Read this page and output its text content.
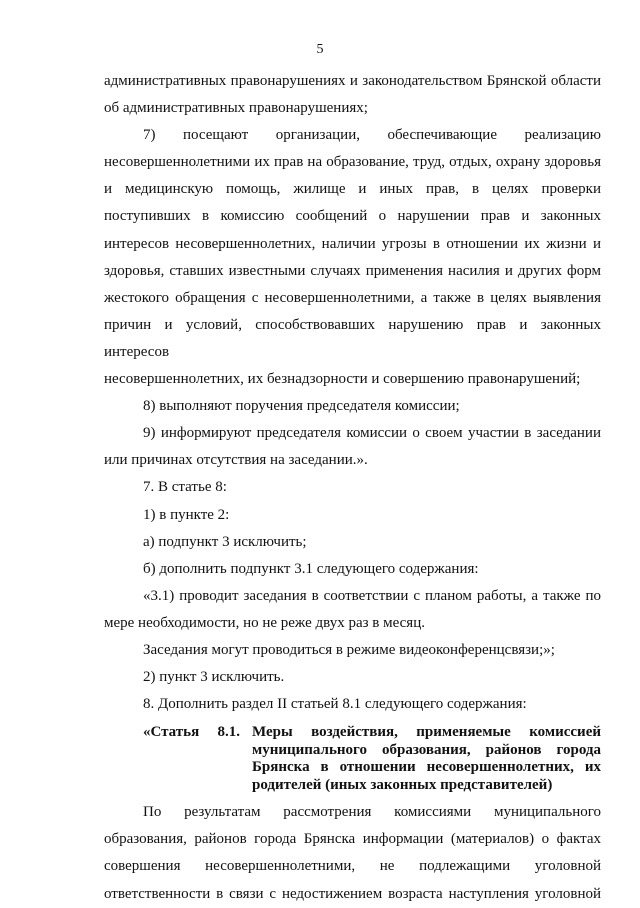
5

административных правонарушениях и законодательством Брянской области

об административных правонарушениях;

7)      посещают      организации,      обеспечивающие      реализацию

несовершеннолетними их прав на образование, труд, отдых, охрану здоровья

и медицинскую помощь, жилище и иных прав, в целях проверки

поступивших в комиссию сообщений о нарушении прав и законных

интересов несовершеннолетних, наличии угрозы в отношении их жизни и

здоровья, ставших известными случаях применения насилия и других форм

жестокого обращения с несовершеннолетними, а также в целях выявления

причин и условий, способствовавших нарушению прав и законных интересов

несовершеннолетних, их безнадзорности и совершению правонарушений;

8) выполняют поручения председателя комиссии;

9) информируют председателя комиссии о своем участии в заседании

или причинах отсутствия на заседании.».

7. В статье 8:

1) в пункте 2:

а) подпункт 3 исключить;

б) дополнить подпункт 3.1 следующего содержания:

«3.1) проводит заседания в соответствии с планом работы, а также по

мере необходимости, но не реже двух раз в месяц.

Заседания могут проводиться в режиме видеоконференцсвязи;»;

2) пункт 3 исключить.

8. Дополнить раздел II статьей 8.1 следующего содержания:

«Статья 8.1. Меры воздействия, применяемые комиссией муниципального образования, районов города Брянска в отношении несовершеннолетних, их родителей (иных законных представителей)

По      результатам      рассмотрения      комиссиями      муниципального

образования, районов города Брянска информации (материалов) о фактах

совершения      несовершеннолетними,      не      подлежащими      уголовной

ответственности в связи с недостижением возраста наступления уголовной
